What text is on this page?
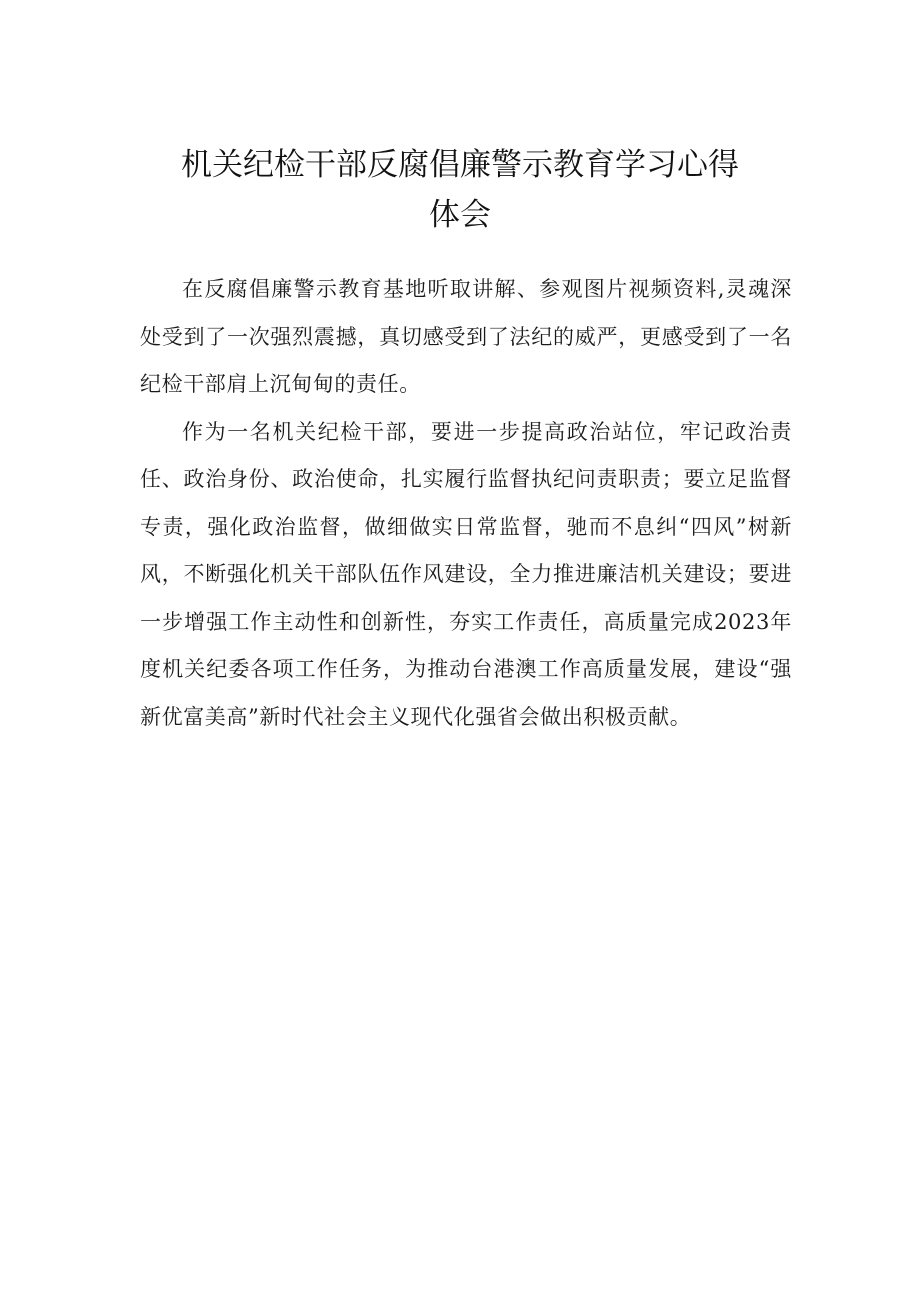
机关纪检干部反腐倡廉警示教育学习心得
体会

在反腐倡廉警示教育基地听取讲解、参观图片视频资料,灵魂深处受到了一次强烈震撼，真切感受到了法纪的威严，更感受到了一名纪检干部肩上沉甸甸的责任。

作为一名机关纪检干部，要进一步提高政治站位，牢记政治责任、政治身份、政治使命，扎实履行监督执纪问责职责；要立足监督专责，强化政治监督，做细做实日常监督，驰而不息纠“四风”树新风，不断强化机关干部队伍作风建设，全力推进廉洁机关建设；要进一步增强工作主动性和创新性，夯实工作责任，高质量完成2023年度机关纪委各项工作任务，为推动台港澳工作高质量发展，建设“强新优富美高”新时代社会主义现代化强省会做出积极贡献。
